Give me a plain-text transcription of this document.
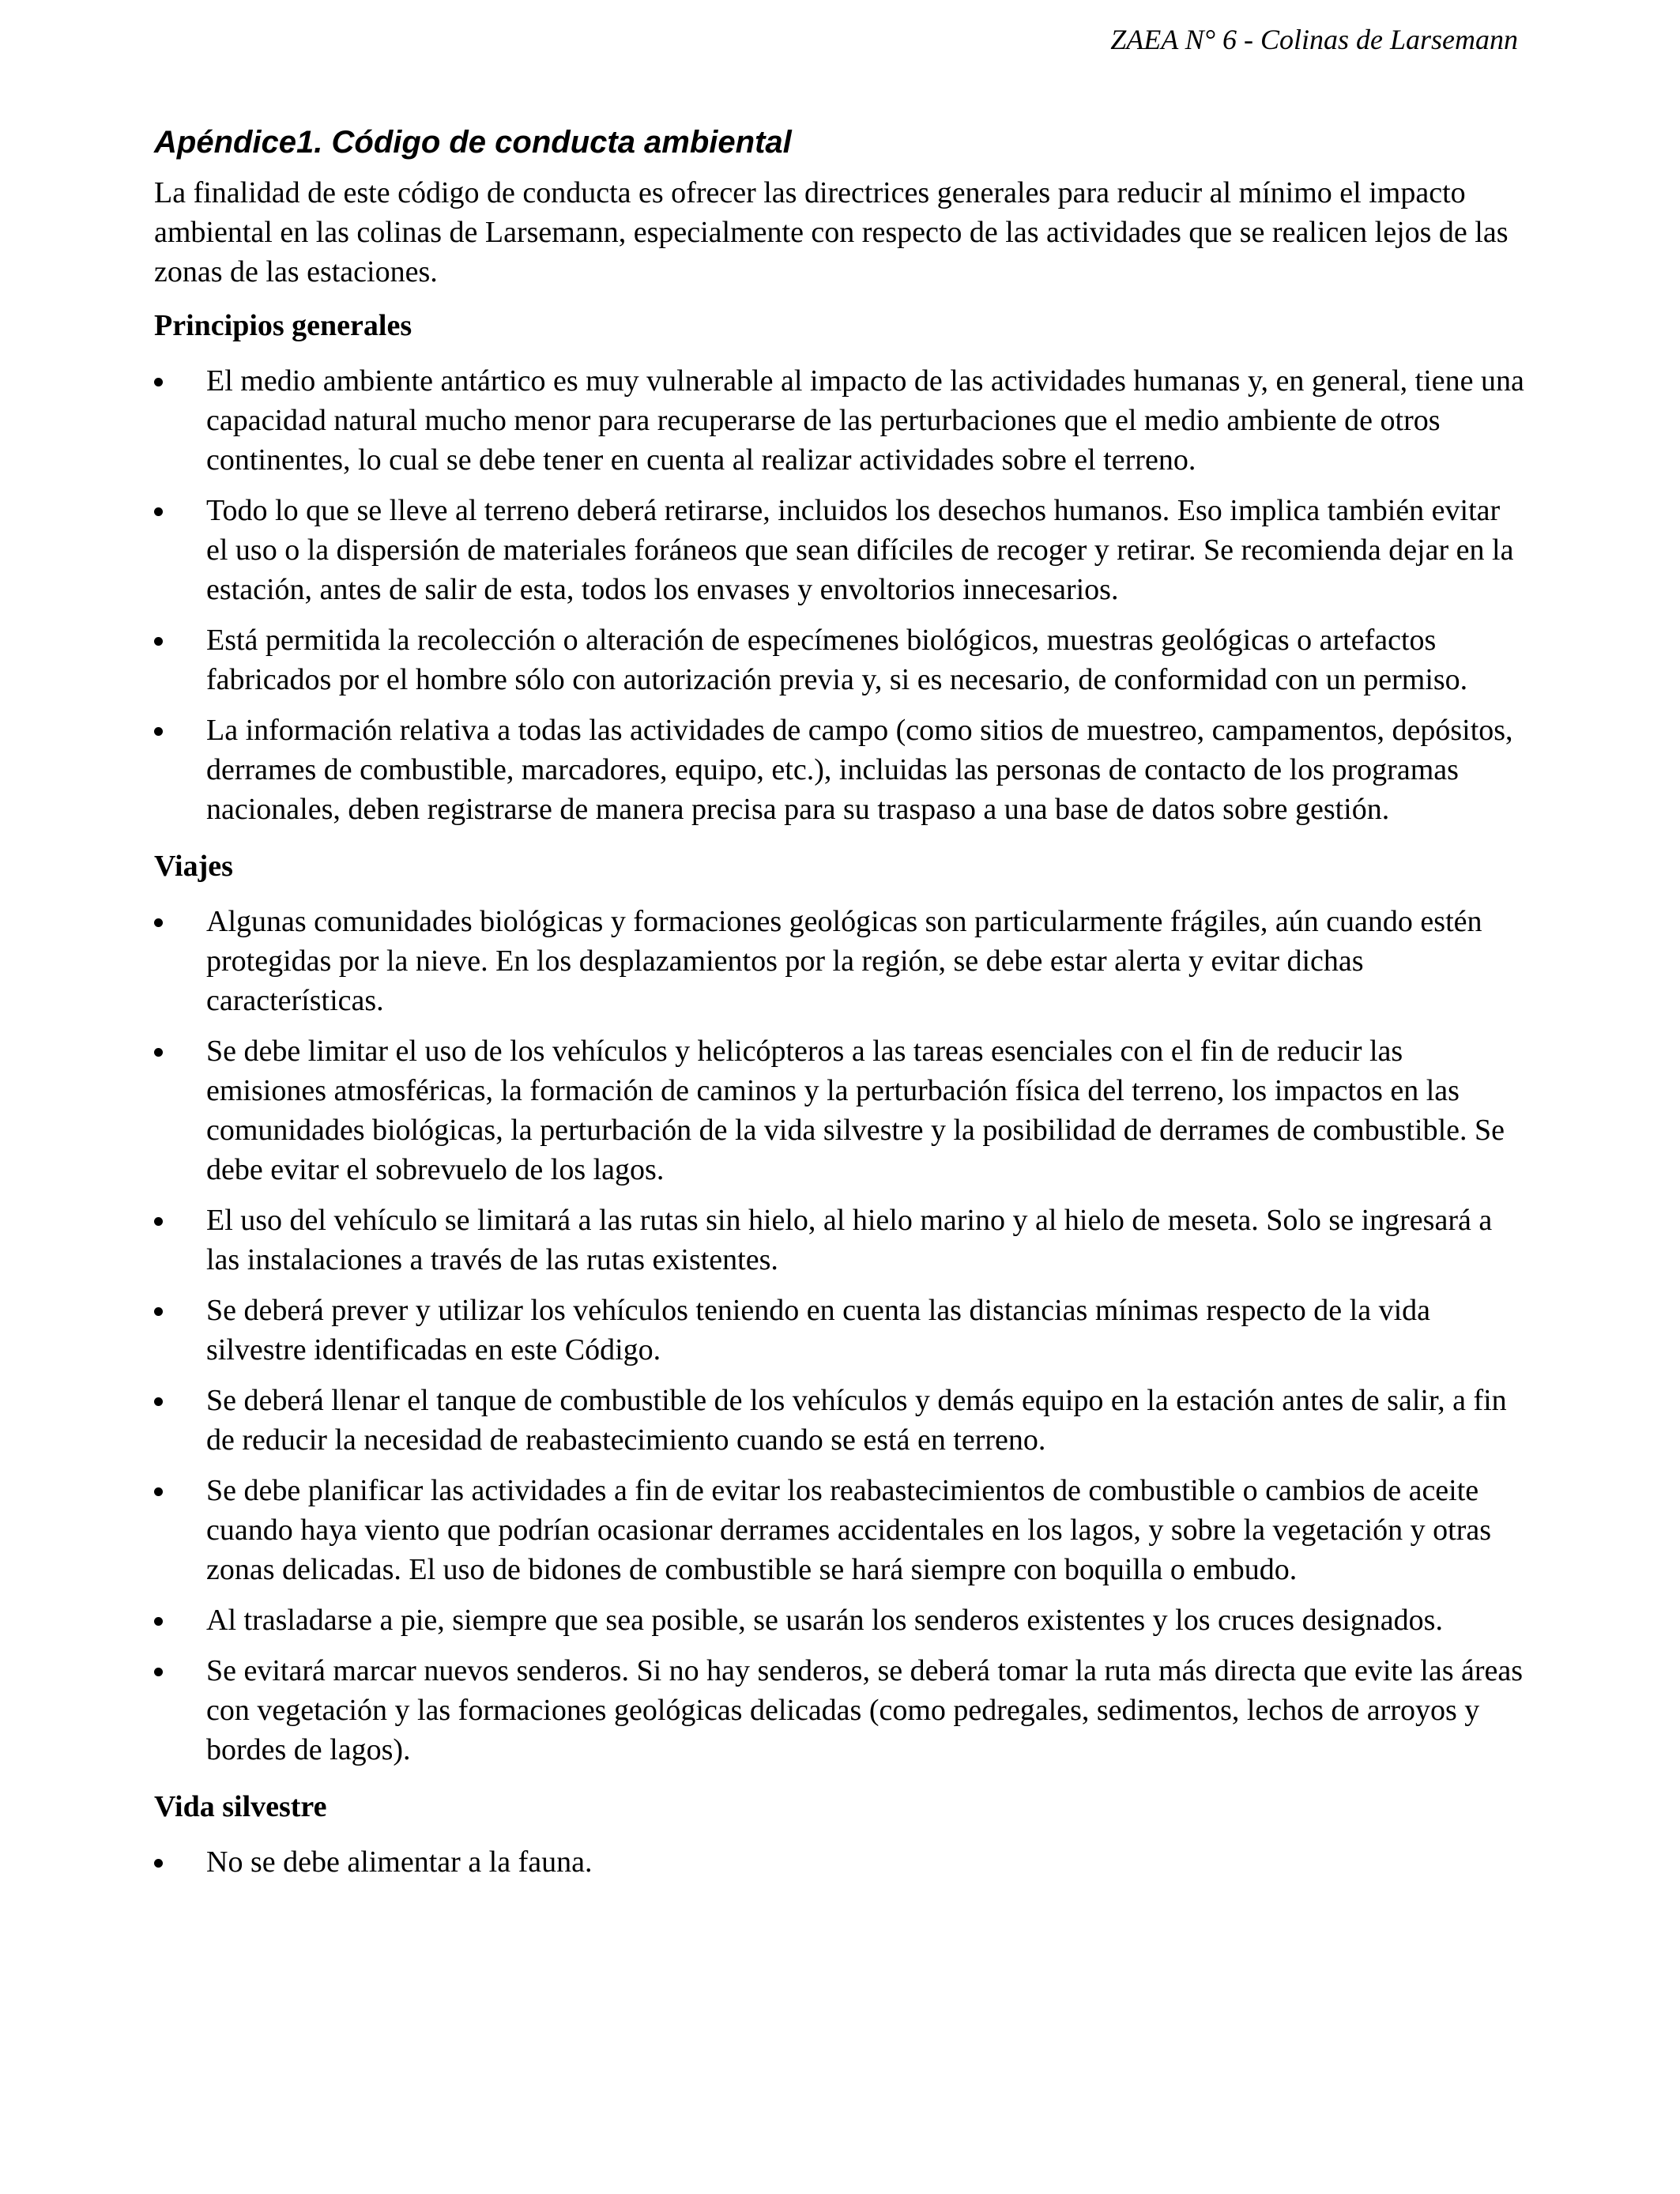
ZAEA N° 6 - Colinas de Larsemann
Apéndice1. Código de conducta ambiental

La finalidad de este código de conducta es ofrecer las directrices generales para reducir al mínimo el impacto ambiental en las colinas de Larsemann, especialmente con respecto de las actividades que se realicen lejos de las zonas de las estaciones.

Principios generales
El medio ambiente antártico es muy vulnerable al impacto de las actividades humanas y, en general, tiene una capacidad natural mucho menor para recuperarse de las perturbaciones que el medio ambiente de otros continentes, lo cual se debe tener en cuenta al realizar actividades sobre el terreno.
Todo lo que se lleve al terreno deberá retirarse, incluidos los desechos humanos. Eso implica también evitar el uso o la dispersión de materiales foráneos que sean difíciles de recoger y retirar. Se recomienda dejar en la estación, antes de salir de esta, todos los envases y envoltorios innecesarios.
Está permitida la recolección o alteración de especímenes biológicos, muestras geológicas o artefactos fabricados por el hombre sólo con autorización previa y, si es necesario, de conformidad con un permiso.
La información relativa a todas las actividades de campo (como sitios de muestreo, campamentos, depósitos, derrames de combustible, marcadores, equipo, etc.), incluidas las personas de contacto de los programas nacionales, deben registrarse de manera precisa para su traspaso a una base de datos sobre gestión.
Viajes
Algunas comunidades biológicas y formaciones geológicas son particularmente frágiles, aún cuando estén protegidas por la nieve. En los desplazamientos por la región, se debe estar alerta y evitar dichas características.
Se debe limitar el uso de los vehículos y helicópteros a las tareas esenciales con el fin de reducir las emisiones atmosféricas, la formación de caminos y la perturbación física del terreno, los impactos en las comunidades biológicas, la perturbación de la vida silvestre y la posibilidad de derrames de combustible. Se debe evitar el sobrevuelo de los lagos.
El uso del vehículo se limitará a las rutas sin hielo, al hielo marino y al hielo de meseta. Solo se ingresará a las instalaciones a través de las rutas existentes.
Se deberá prever y utilizar los vehículos teniendo en cuenta las distancias mínimas respecto de la vida silvestre identificadas en este Código.
Se deberá llenar el tanque de combustible de los vehículos y demás equipo en la estación antes de salir, a fin de reducir la necesidad de reabastecimiento cuando se está en terreno.
Se debe planificar las actividades a fin de evitar los reabastecimientos de combustible o cambios de aceite cuando haya viento que podrían ocasionar derrames accidentales en los lagos, y sobre la vegetación y otras zonas delicadas. El uso de bidones de combustible se hará siempre con boquilla o embudo.
Al trasladarse a pie, siempre que sea posible, se usarán los senderos existentes y los cruces designados.
Se evitará marcar nuevos senderos. Si no hay senderos, se deberá tomar la ruta más directa que evite las áreas con vegetación y las formaciones geológicas delicadas (como pedregales, sedimentos, lechos de arroyos y bordes de lagos).
Vida silvestre
No se debe alimentar a la fauna.
